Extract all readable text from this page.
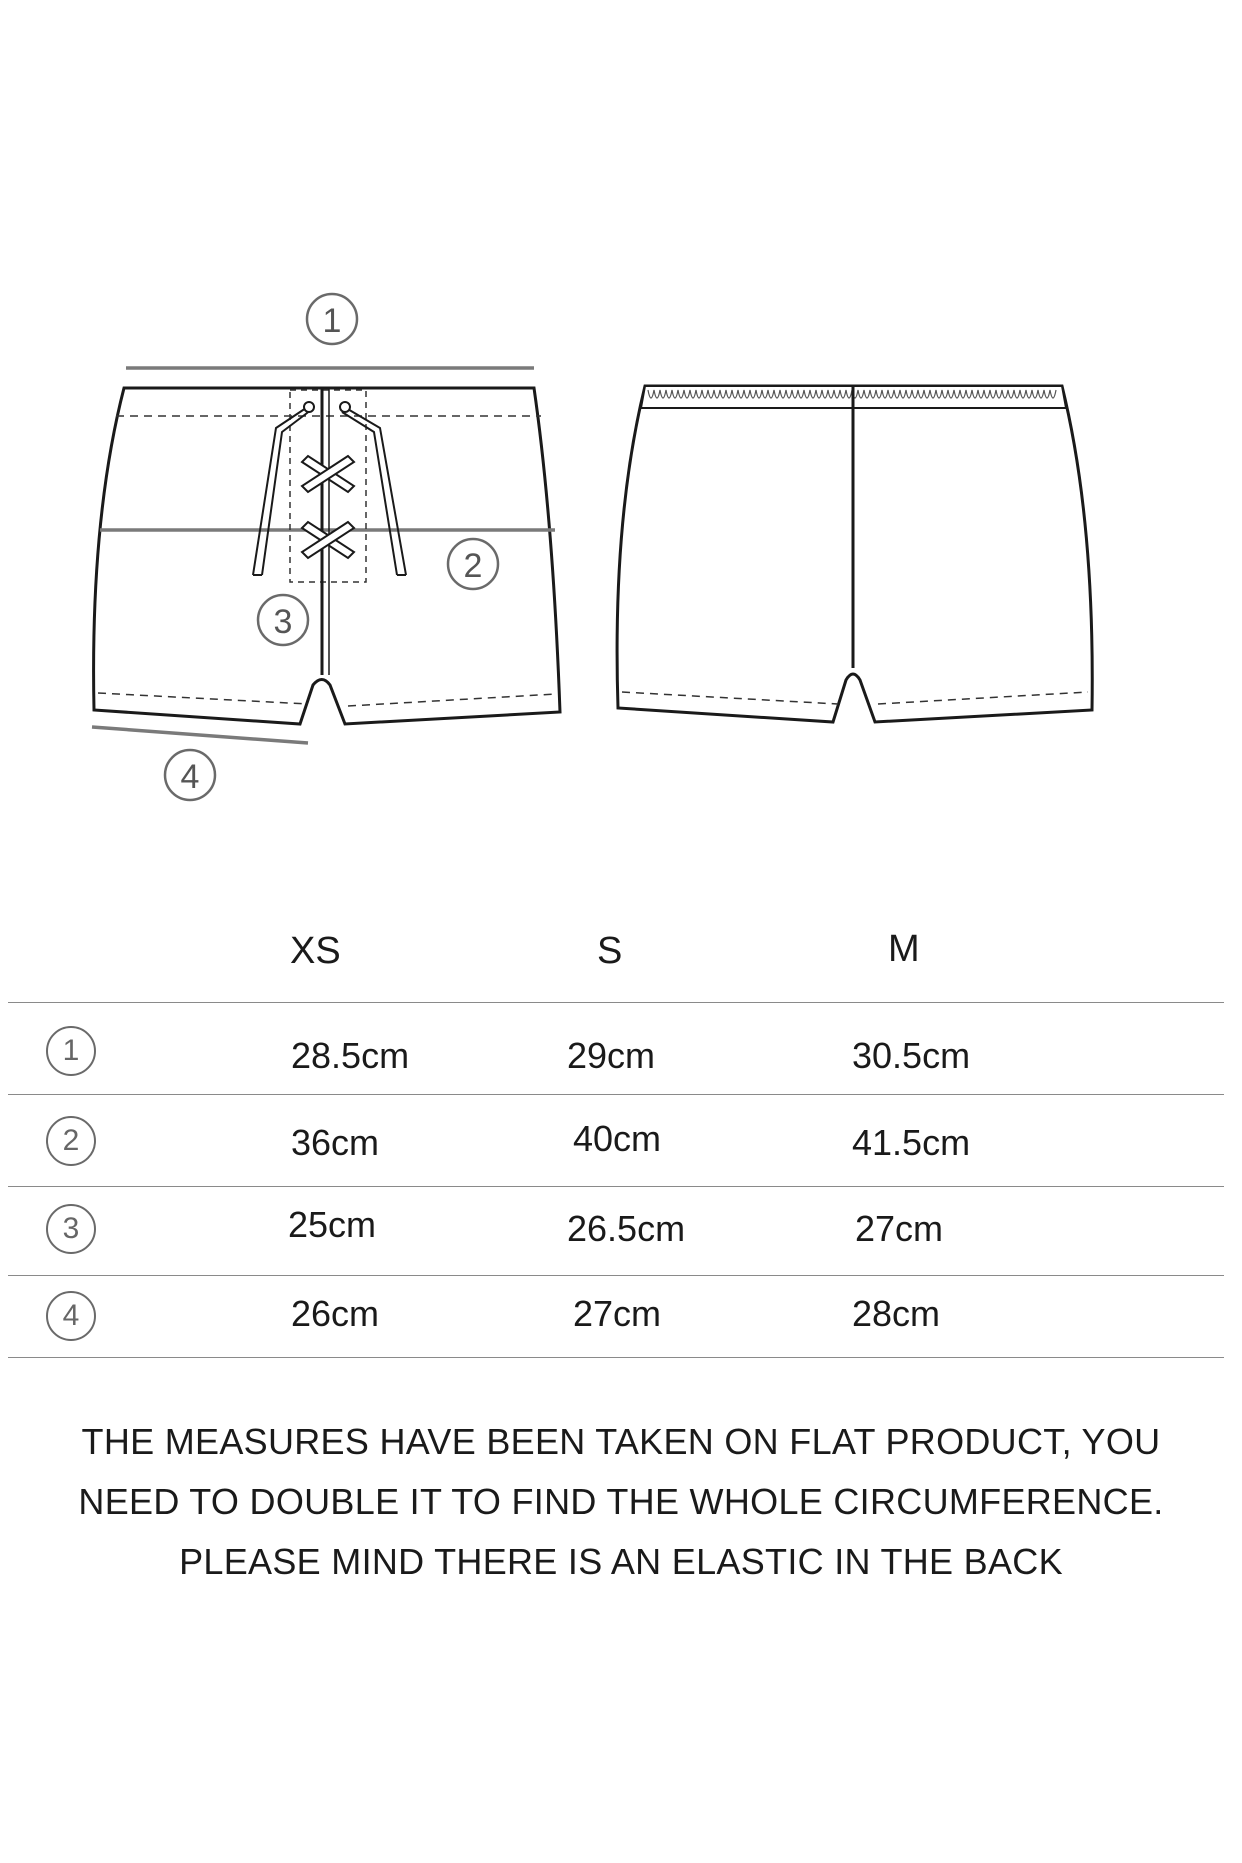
1
2
3
4
XS	S	M
1	28.5cm	29cm	30.5cm
2	36cm	40cm	41.5cm
3	25cm	26.5cm	27cm
4	26cm	27cm	28cm
THE MEASURES HAVE BEEN TAKEN ON FLAT PRODUCT, YOU
NEED TO DOUBLE IT TO FIND THE WHOLE CIRCUMFERENCE.
PLEASE MIND THERE IS AN ELASTIC IN THE BACK
